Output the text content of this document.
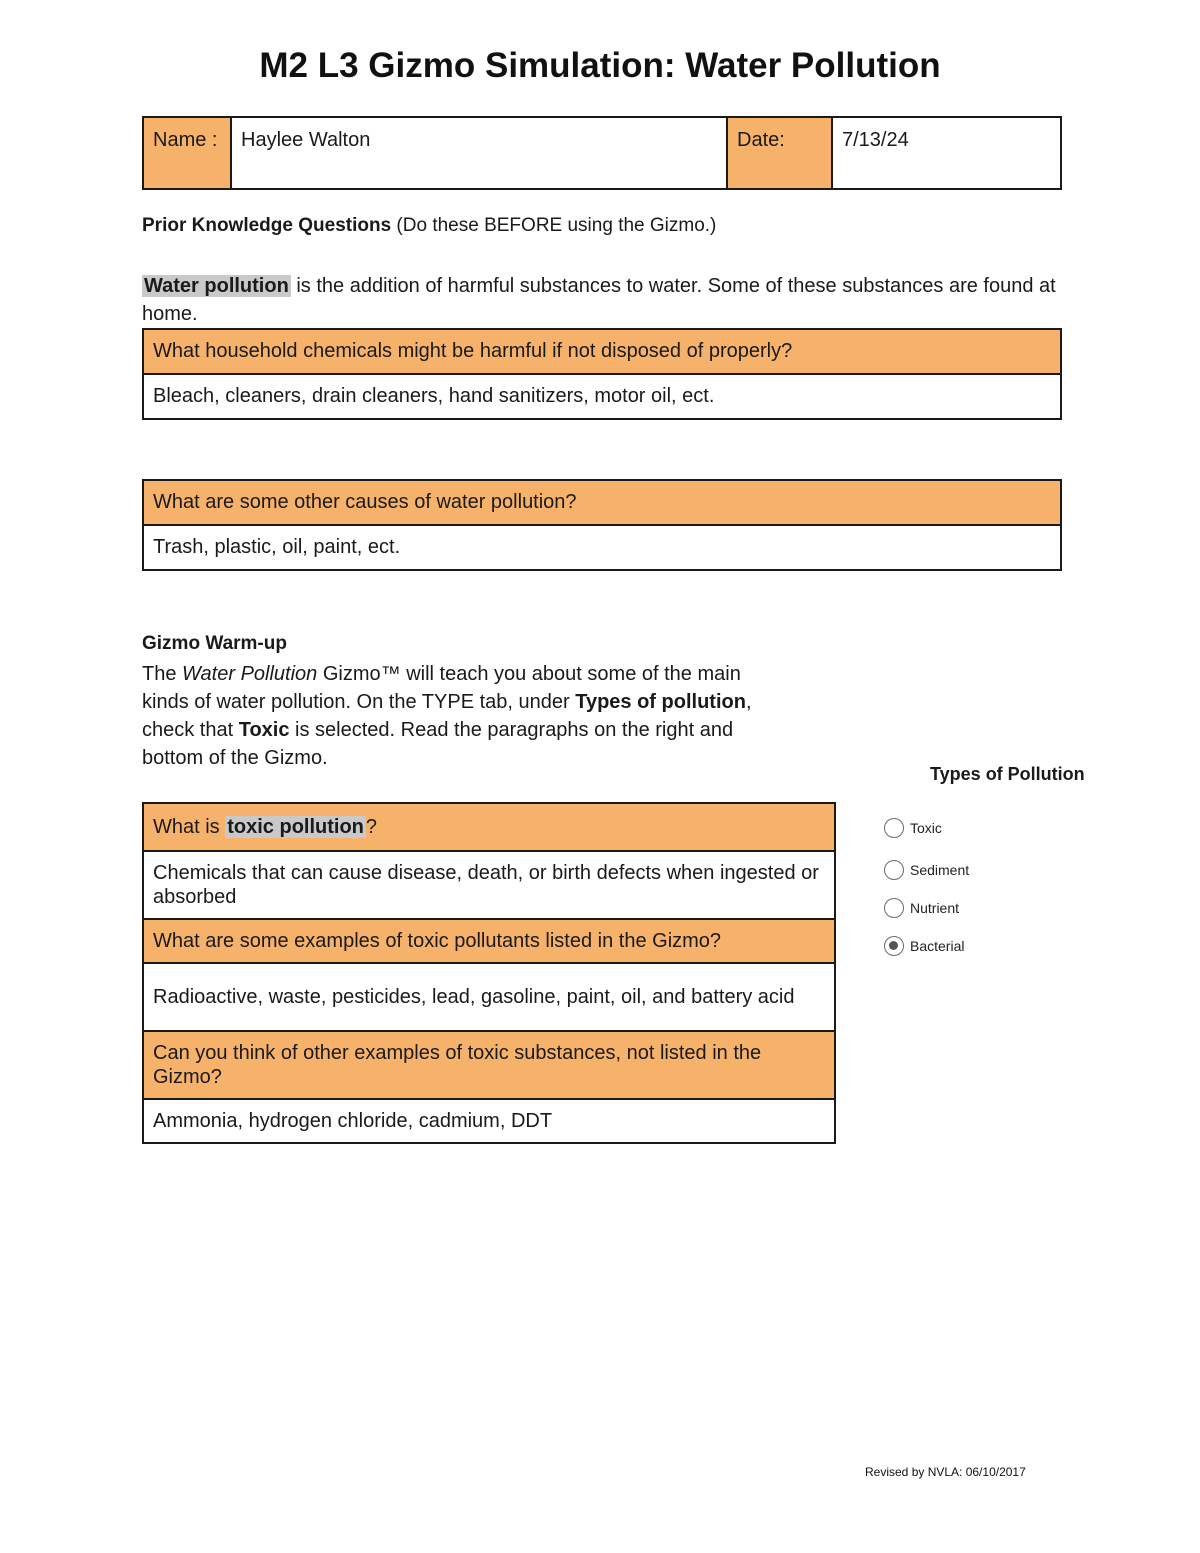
M2 L3 Gizmo Simulation: Water Pollution
Name :	Haylee Walton	Date:	7/13/24
Prior Knowledge Questions (Do these BEFORE using the Gizmo.)
Water pollution is the addition of harmful substances to water. Some of these substances are found at home.
What household chemicals might be harmful if not disposed of properly?
Bleach, cleaners, drain cleaners, hand sanitizers, motor oil, ect.
What are some other causes of water pollution?
Trash, plastic, oil, paint, ect.
Gizmo Warm-up
The Water Pollution Gizmo™ will teach you about some of the main kinds of water pollution. On the TYPE tab, under Types of pollution, check that Toxic is selected. Read the paragraphs on the right and bottom of the Gizmo.
What is toxic pollution ?
Chemicals that can cause disease, death, or birth defects when ingested or absorbed
What are some examples of toxic pollutants listed in the Gizmo?
Radioactive, waste, pesticides, lead, gasoline, paint, oil, and battery acid
Can you think of other examples of toxic substances, not listed in the Gizmo?
Ammonia, hydrogen chloride, cadmium, DDT
Types of Pollution
Toxic
Sediment
Nutrient
Bacterial
Revised by NVLA: 06/10/2017
